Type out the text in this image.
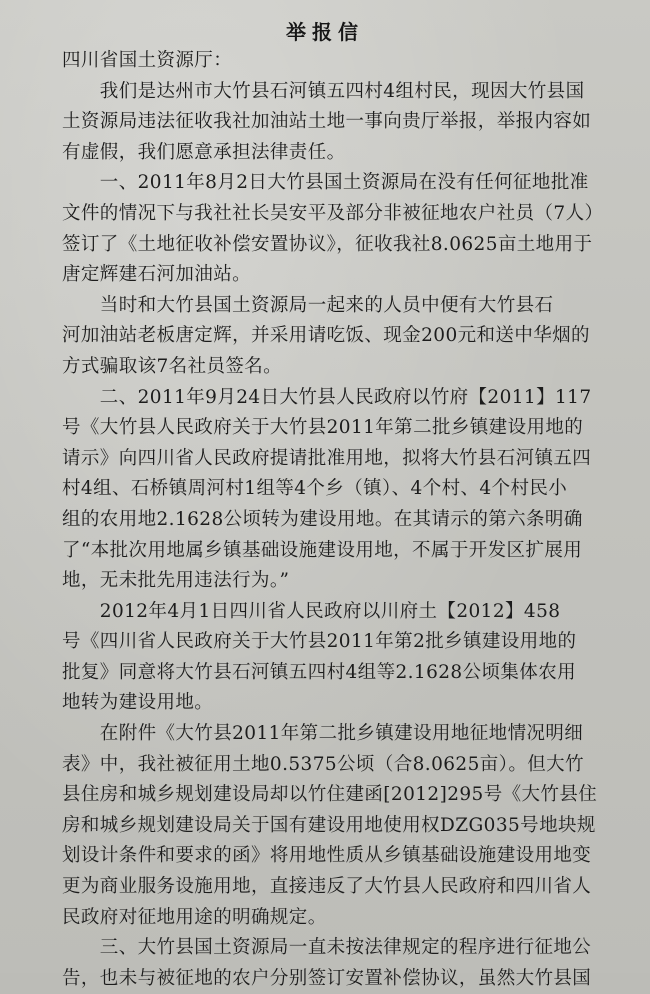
举报信
四川省国土资源厅：
　　我们是达州市大竹县石河镇五四村4组村民，现因大竹县国
土资源局违法征收我社加油站土地一事向贵厅举报，举报内容如
有虚假，我们愿意承担法律责任。
　　一、2011年8月2日大竹县国土资源局在没有任何征地批准
文件的情况下与我社社长吴安平及部分非被征地农户社员（7人）
签订了《土地征收补偿安置协议》，征收我社8.0625亩土地用于
唐定辉建石河加油站。
　　当时和大竹县国土资源局一起来的人员中便有大竹县石
河加油站老板唐定辉，并采用请吃饭、现金200元和送中华烟的
方式骗取该7名社员签名。
　　二、2011年9月24日大竹县人民政府以竹府【2011】117
号《大竹县人民政府关于大竹县2011年第二批乡镇建设用地的
请示》向四川省人民政府提请批准用地，拟将大竹县石河镇五四
村4组、石桥镇周河村1组等4个乡（镇）、4个村、4个村民小
组的农用地2.1628公顷转为建设用地。在其请示的第六条明确
了“本批次用地属乡镇基础设施建设用地，不属于开发区扩展用
地，无未批先用违法行为。”
　　2012年4月1日四川省人民政府以川府土【2012】458
号《四川省人民政府关于大竹县2011年第2批乡镇建设用地的
批复》同意将大竹县石河镇五四村4组等2.1628公顷集体农用
地转为建设用地。
　　在附件《大竹县2011年第二批乡镇建设用地征地情况明细
表》中，我社被征用土地0.5375公顷（合8.0625亩）。但大竹
县住房和城乡规划建设局却以竹住建函[2012]295号《大竹县住
房和城乡规划建设局关于国有建设用地使用权DZG035号地块规
划设计条件和要求的函》将用地性质从乡镇基础设施建设用地变
更为商业服务设施用地，直接违反了大竹县人民政府和四川省人
民政府对征地用途的明确规定。
　　三、大竹县国土资源局一直未按法律规定的程序进行征地公
告，也未与被征地的农户分别签订安置补偿协议，虽然大竹县国
